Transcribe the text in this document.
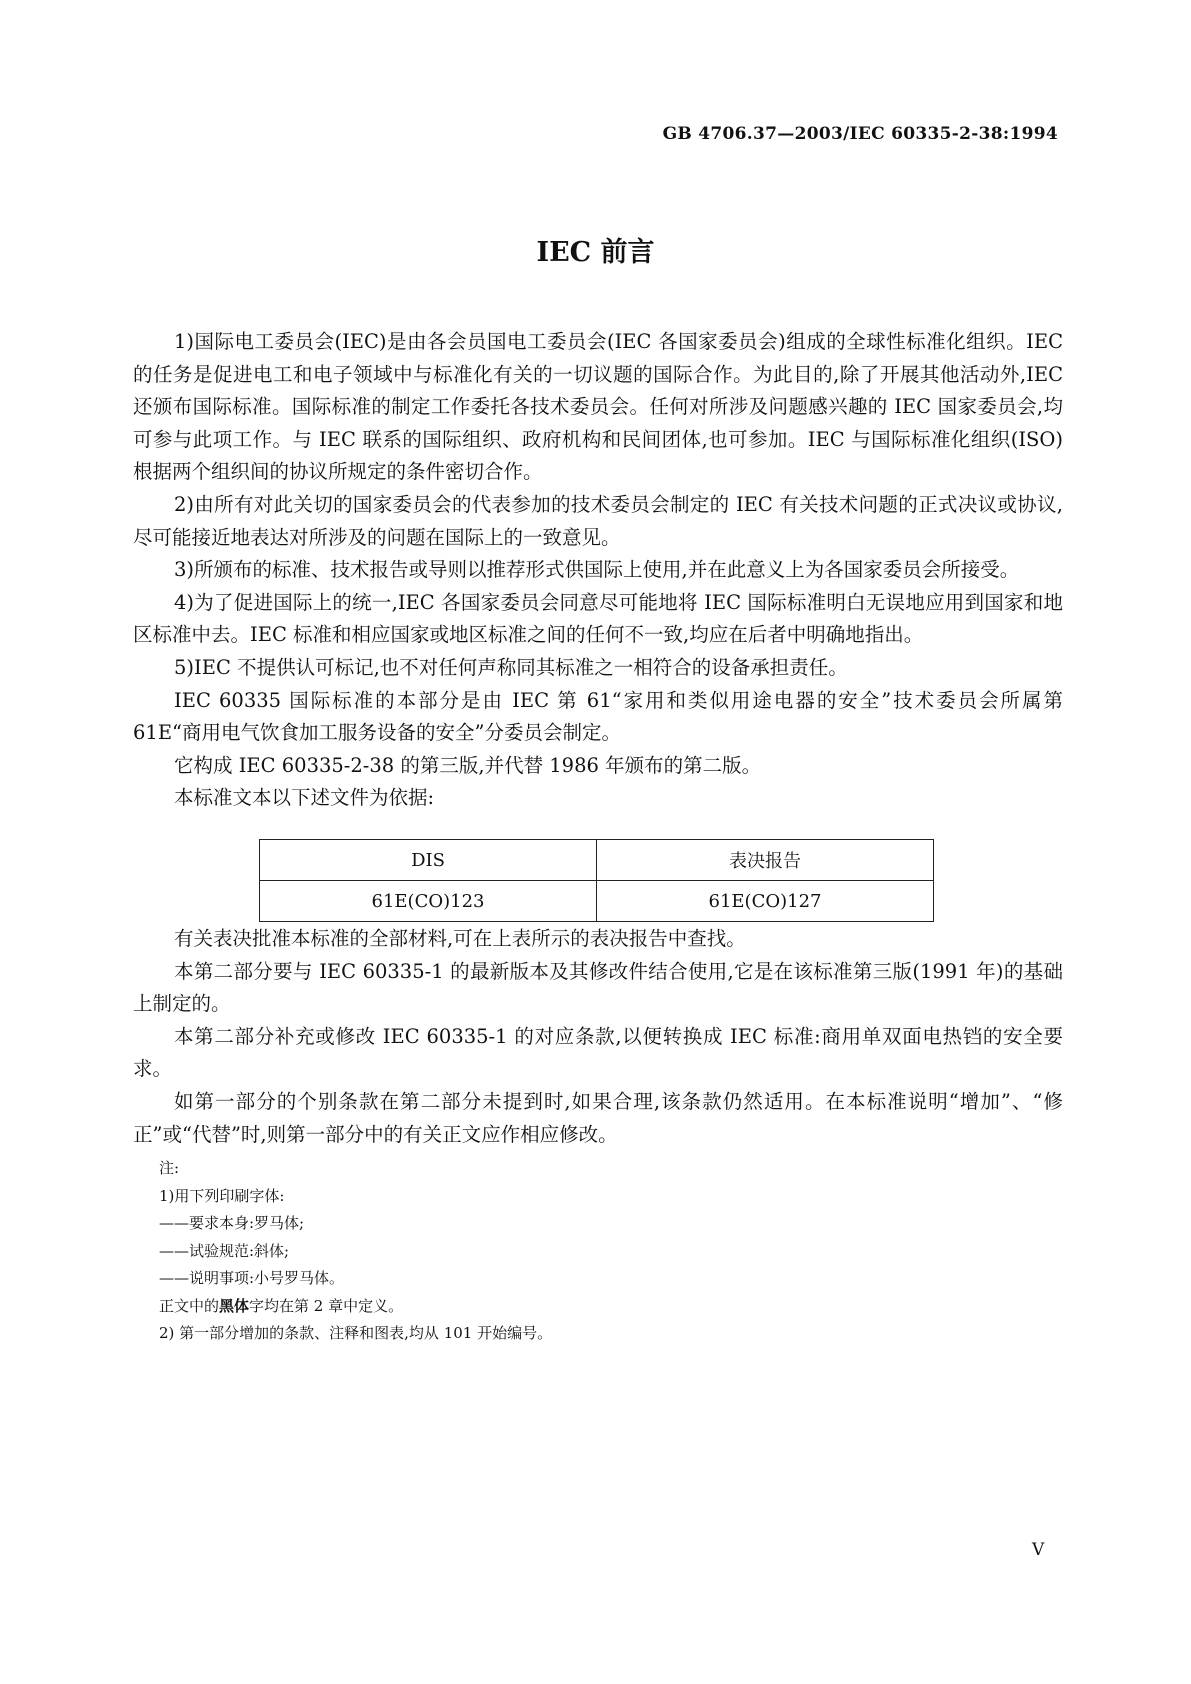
GB 4706.37—2003/IEC 60335-2-38:1994
IEC 前言

1)国际电工委员会(IEC)是由各会员国电工委员会(IEC 各国家委员会)组成的全球性标准化组织。IEC 的任务是促进电工和电子领域中与标准化有关的一切议题的国际合作。为此目的,除了开展其他活动外,IEC 还颁布国际标准。国际标准的制定工作委托各技术委员会。任何对所涉及问题感兴趣的 IEC 国家委员会,均可参与此项工作。与 IEC 联系的国际组织、政府机构和民间团体,也可参加。IEC 与国际标准化组织(ISO)根据两个组织间的协议所规定的条件密切合作。

2)由所有对此关切的国家委员会的代表参加的技术委员会制定的 IEC 有关技术问题的正式决议或协议,尽可能接近地表达对所涉及的问题在国际上的一致意见。

3)所颁布的标准、技术报告或导则以推荐形式供国际上使用,并在此意义上为各国家委员会所接受。

4)为了促进国际上的统一,IEC 各国家委员会同意尽可能地将 IEC 国际标准明白无误地应用到国家和地区标准中去。IEC 标准和相应国家或地区标准之间的任何不一致,均应在后者中明确地指出。

5)IEC 不提供认可标记,也不对任何声称同其标准之一相符合的设备承担责任。

IEC 60335 国际标准的本部分是由 IEC 第 61“家用和类似用途电器的安全”技术委员会所属第 61E“商用电气饮食加工服务设备的安全”分委员会制定。

它构成 IEC 60335-2-38 的第三版,并代替 1986 年颁布的第二版。

本标准文本以下述文件为依据:

DIS	表决报告
61E(CO)123	61E(CO)127

有关表决批准本标准的全部材料,可在上表所示的表决报告中查找。

本第二部分要与 IEC 60335-1 的最新版本及其修改件结合使用,它是在该标准第三版(1991 年)的基础上制定的。

本第二部分补充或修改 IEC 60335-1 的对应条款,以便转换成 IEC 标准:商用单双面电热铛的安全要求。

如第一部分的个别条款在第二部分未提到时,如果合理,该条款仍然适用。在本标准说明“增加”、“修正”或“代替”时,则第一部分中的有关正文应作相应修改。

注:
1)用下列印刷字体:
——要求本身:罗马体;
——试验规范:斜体;
——说明事项:小号罗马体。
正文中的黑体字均在第 2 章中定义。
2) 第一部分增加的条款、注释和图表,均从 101 开始编号。
V
